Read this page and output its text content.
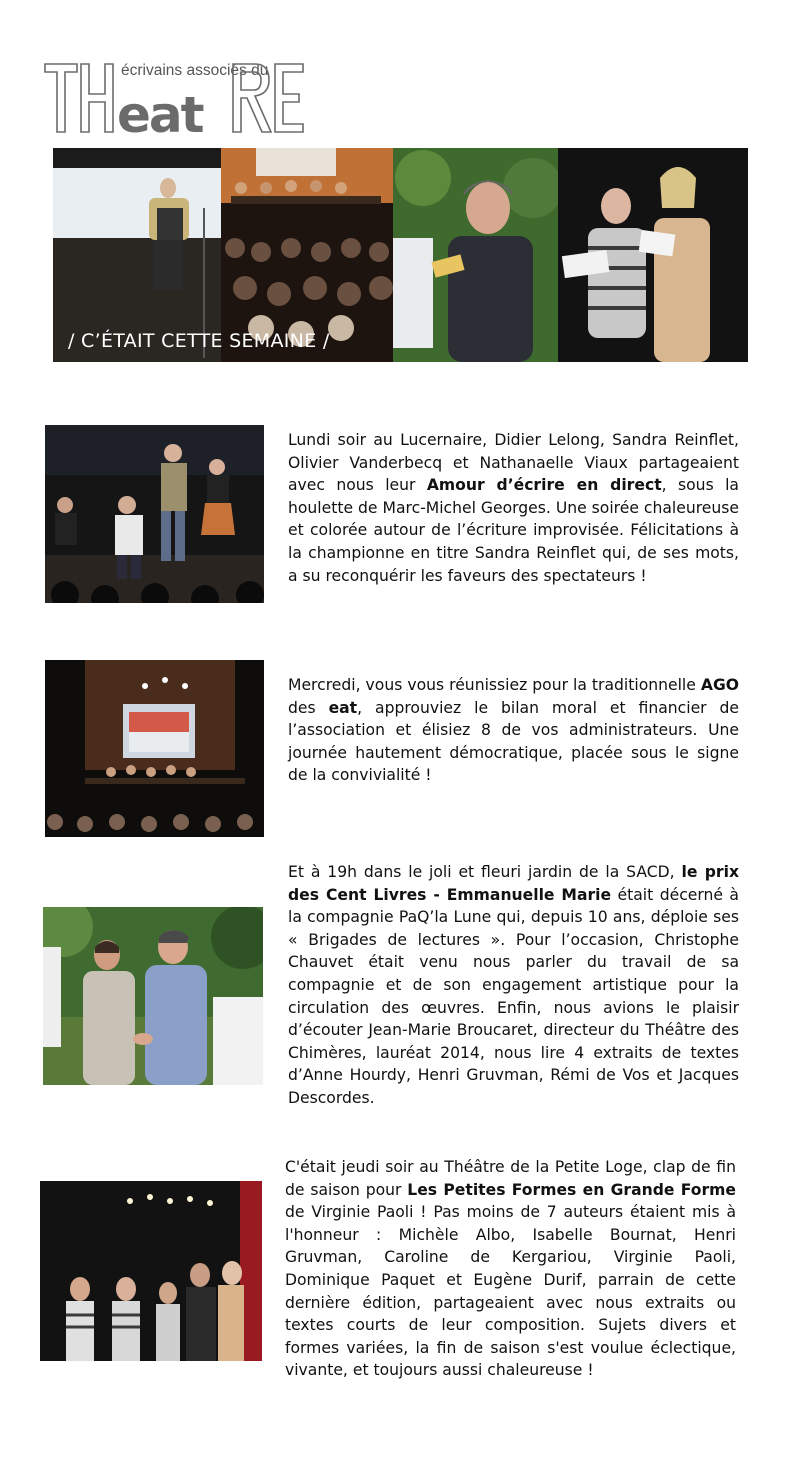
écrivains associés du
eat
/ C’ÉTAIT CETTE SEMAINE /
Lundi soir au Lucernaire, Didier Lelong, Sandra Reinflet, Olivier Vanderbecq et Nathanaelle Viaux partageaient avec nous leur Amour d’écrire en direct, sous la houlette de Marc-Michel Georges. Une soirée chaleureuse et colorée autour de l’écriture improvisée. Félicitations à la championne en titre Sandra Reinflet qui, de ses mots, a su reconquérir les faveurs des spectateurs !
Mercredi, vous vous réunissiez pour la traditionnelle AGO des eat, approuviez le bilan moral et financier de l’association et élisiez 8 de vos administrateurs. Une journée hautement démocratique, placée sous le signe de la convivialité !
Et à 19h dans le joli et fleuri jardin de la SACD, le prix des Cent Livres - Emmanuelle Marie était décerné à la compagnie PaQ’la Lune qui, depuis 10 ans, déploie ses « Brigades de lectures ». Pour l’occasion, Christophe Chauvet était venu nous parler du travail de sa compagnie et de son engagement artistique pour la circulation des œuvres. Enfin, nous avions le plaisir d’écouter Jean-Marie Broucaret, directeur du Théâtre des Chimères, lauréat 2014, nous lire 4 extraits de textes d’Anne Hourdy, Henri Gruvman, Rémi de Vos et Jacques Descordes.
C'était jeudi soir au Théâtre de la Petite Loge, clap de fin de saison pour Les Petites Formes en Grande Forme de Virginie Paoli ! Pas moins de 7 auteurs étaient mis à l'honneur : Michèle Albo, Isabelle Bournat, Henri Gruvman, Caroline de Kergariou, Virginie Paoli, Dominique Paquet et Eugène Durif, parrain de cette dernière édition, partageaient avec nous extraits ou textes courts de leur composition. Sujets divers et formes variées, la fin de saison s'est voulue éclectique, vivante, et toujours aussi chaleureuse !
